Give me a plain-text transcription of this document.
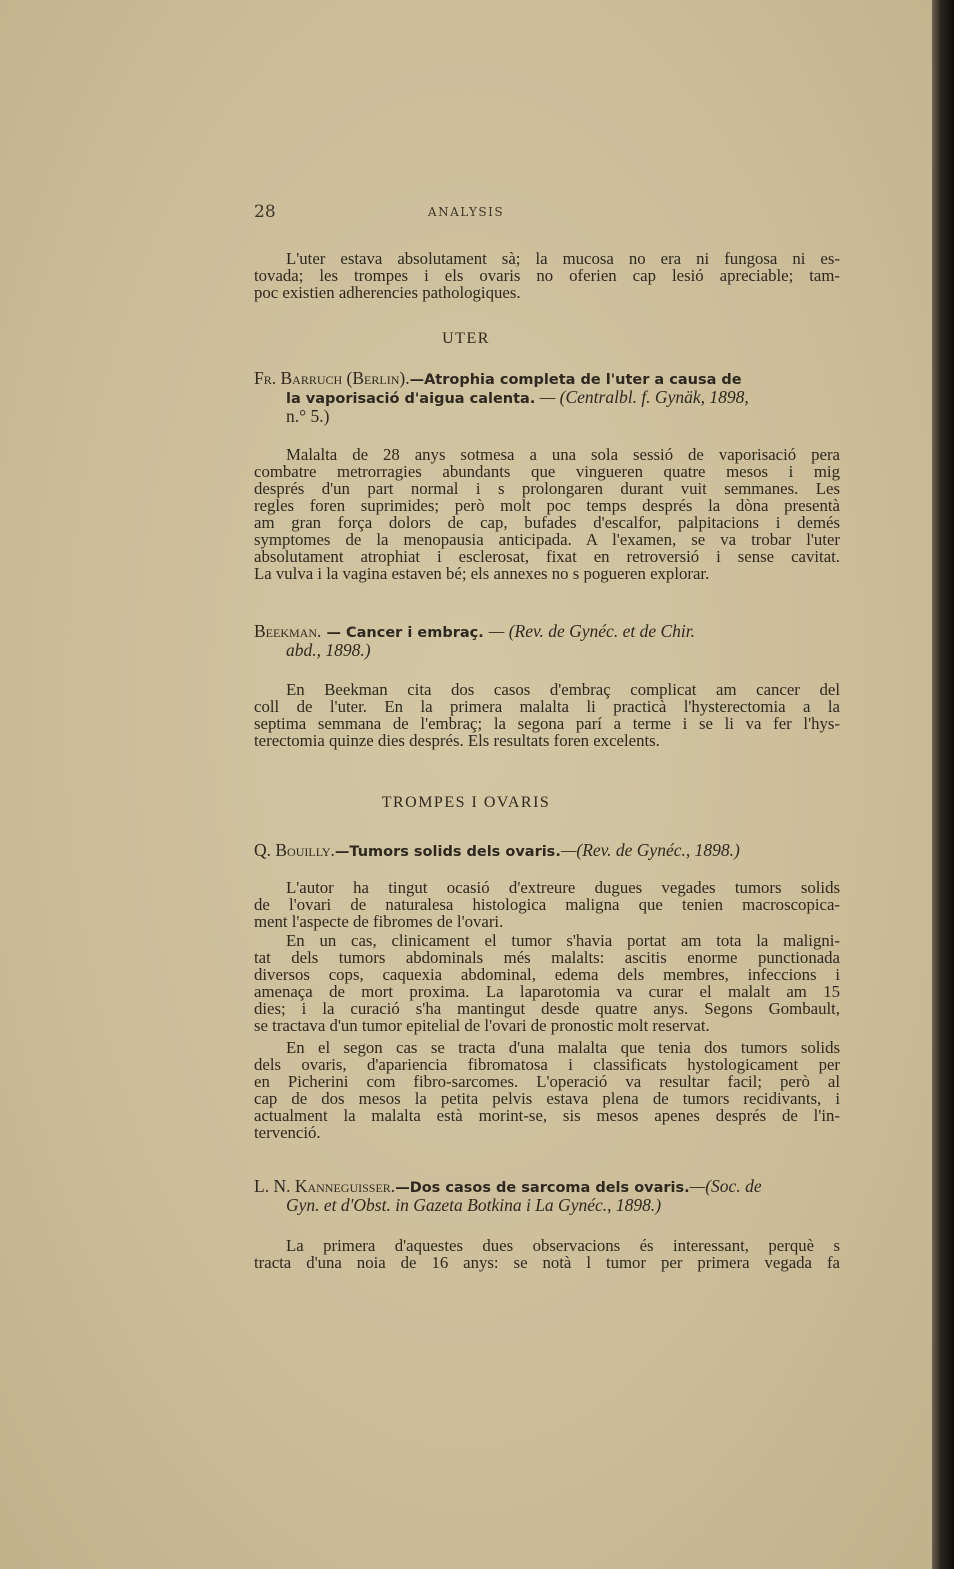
28	ANALYSIS

L'uter estava absolutament sà; la mucosa no era ni fungosa ni es-

tovada; les trompes i els ovaris no oferien cap lesió apreciable; tam-

poc existien adherencies pathologiques.

UTER
Fr. Barruch (Berlin).—Atrophia completa de l'uter a causa de
la vaporisació d'aigua calenta. — (Centralbl. f. Gynäk, 1898,
n.° 5.)

Malalta de 28 anys sotmesa a una sola sessió de vaporisació pera

combatre metrorragies abundants que vingueren quatre mesos i mig

després d'un part normal i s prolongaren durant vuit semmanes. Les

regles foren suprimides; però molt poc temps després la dòna presentà

am gran força dolors de cap, bufades d'escalfor, palpitacions i demés

symptomes de la menopausia anticipada. A l'examen, se va trobar l'uter

absolutament atrophiat i esclerosat, fixat en retroversió i sense cavitat.

La vulva i la vagina estaven bé; els annexes no s pogueren explorar.

Beekman. — Cancer i embraç. — (Rev. de Gynéc. et de Chir.
abd., 1898.)

En Beekman cita dos casos d'embraç complicat am cancer del

coll de l'uter. En la primera malalta li practicà l'hysterectomia a la

septima semmana de l'embraç; la segona parí a terme i se li va fer l'hys-

terectomia quinze dies després. Els resultats foren excelents.

TROMPES I OVARIS
Q. Bouilly.—Tumors solids dels ovaris.—(Rev. de Gynéc., 1898.)

L'autor ha tingut ocasió d'extreure dugues vegades tumors solids

de l'ovari de naturalesa histologica maligna que tenien macroscopica-

ment l'aspecte de fibromes de l'ovari.

En un cas, clinicament el tumor s'havia portat am tota la maligni-

tat dels tumors abdominals més malalts: ascitis enorme punctionada

diversos cops, caquexia abdominal, edema dels membres, infeccions i

amenaça de mort proxima. La laparotomia va curar el malalt am 15

dies; i la curació s'ha mantingut desde quatre anys. Segons Gombault,

se tractava d'un tumor epitelial de l'ovari de pronostic molt reservat.

En el segon cas se tracta d'una malalta que tenia dos tumors solids

dels ovaris, d'apariencia fibromatosa i classificats hystologicament per

en Picherini com fibro-sarcomes. L'operació va resultar facil; però al

cap de dos mesos la petita pelvis estava plena de tumors recidivants, i

actualment la malalta està morint-se, sis mesos apenes després de l'in-

tervenció.

L. N. Kanneguisser.—Dos casos de sarcoma dels ovaris.—(Soc. de
Gyn. et d'Obst. in Gazeta Botkina i La Gynéc., 1898.)

La primera d'aquestes dues observacions és interessant, perquè s

tracta d'una noia de 16 anys: se notà l tumor per primera vegada fa
